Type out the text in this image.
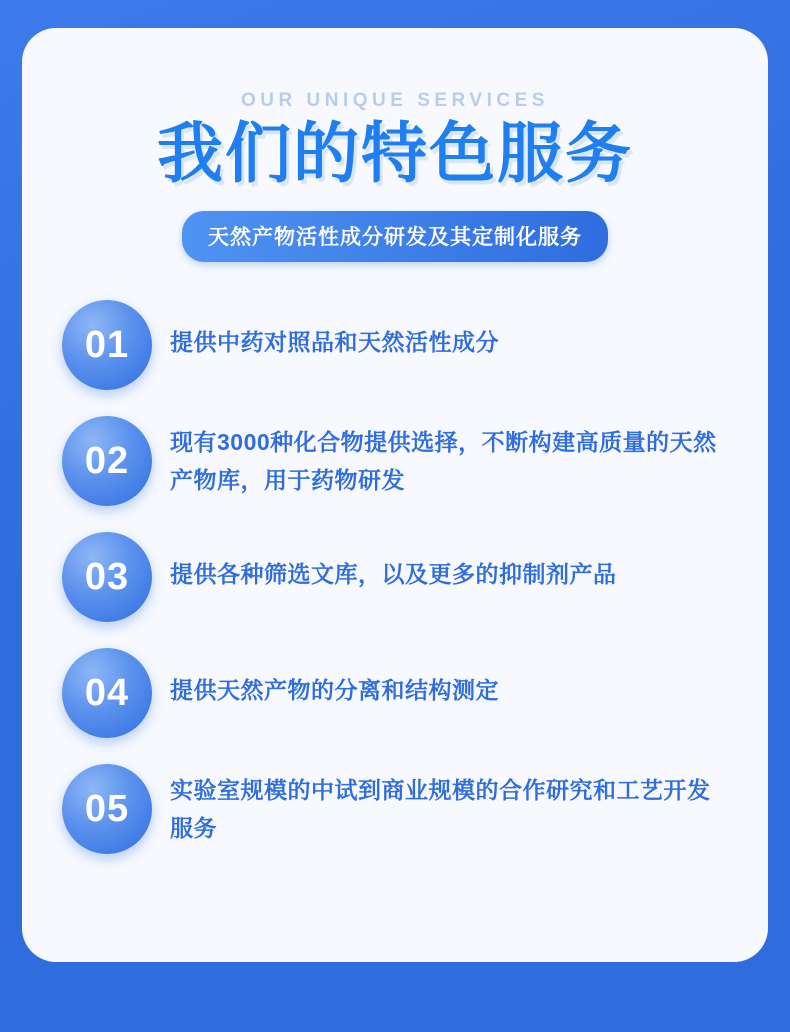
OUR UNIQUE SERVICES
我们的特色服务
天然产物活性成分研发及其定制化服务
01	提供中药对照品和天然活性成分
02	现有3000种化合物提供选择，不断构建高质量的天然产物库，用于药物研发
03	提供各种筛选文库，以及更多的抑制剂产品
04	提供天然产物的分离和结构测定
05	实验室规模的中试到商业规模的合作研究和工艺开发服务
